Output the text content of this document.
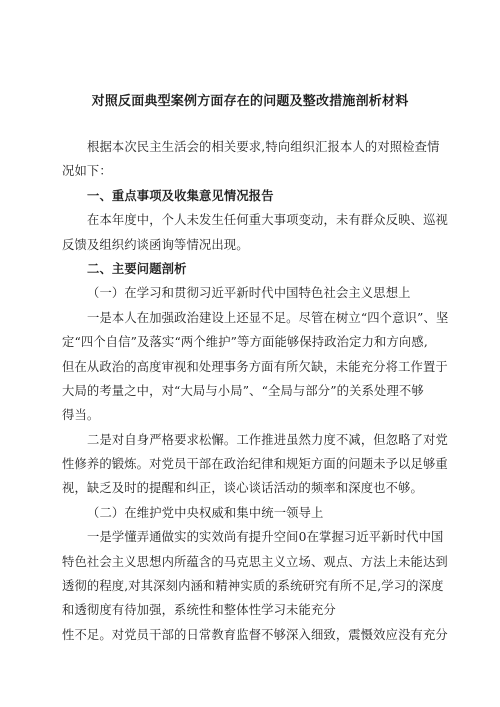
对照反面典型案例方面存在的问题及整改措施剖析材料
根据本次民主生活会的相关要求,特向组织汇报本人的对照检查情
况如下：
一、重点事项及收集意见情况报告
在本年度中，个人未发生任何重大事项变动，未有群众反映、巡视
反馈及组织约谈函询等情况出现。
二、主要问题剖析
（一）在学习和贯彻习近平新时代中国特色社会主义思想上
一是本人在加强政治建设上还显不足。尽管在树立“四个意识”、坚
定“四个自信”及落实“两个维护”等方面能够保持政治定力和方向感,
但在从政治的高度审视和处理事务方面有所欠缺，未能充分将工作置于
大局的考量之中，对“大局与小局”、“全局与部分”的关系处理不够
得当。
二是对自身严格要求松懈。工作推进虽然力度不减，但忽略了对党
性修养的锻炼。对党员干部在政治纪律和规矩方面的问题未予以足够重
视，缺乏及时的提醒和纠正，谈心谈话活动的频率和深度也不够。
（二）在维护党中央权威和集中统一领导上
一是学懂弄通做实的实效尚有提升空间0在掌握习近平新时代中国
特色社会主义思想内所蕴含的马克思主义立场、观点、方法上未能达到
透彻的程度,对其深刻内涵和精神实质的系统研究有所不足,学习的深度
和透彻度有待加强，系统性和整体性学习未能充分
性不足。对党员干部的日常教育监督不够深入细致，震慑效应没有充分
